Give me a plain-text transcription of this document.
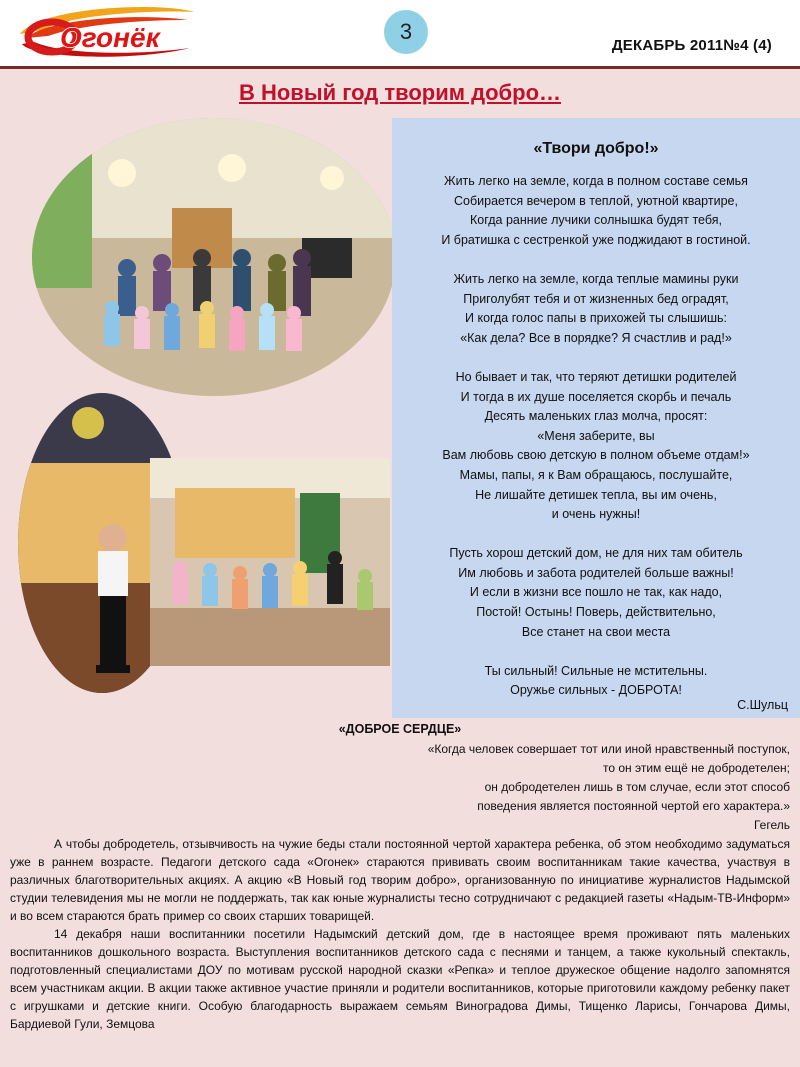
Огонёк	3
ДЕКАБРЬ 2011№4 (4)
В Новый год творим добро…
«Твори добро!»
Жить легко на земле, когда в полном составе семья
Собирается вечером в теплой, уютной квартире,
Когда ранние лучики солнышка будят тебя,
И братишка с сестренкой уже поджидают в гостиной.
Жить легко на земле, когда теплые мамины руки
Приголубят тебя и от жизненных бед оградят,
И когда голос папы в прихожей ты слышишь:
«Как дела? Все в порядке? Я счастлив и рад!»
Но бывает и так, что теряют детишки родителей
И тогда в их душе поселяется скорбь и печаль
Десять маленьких глаз молча, просят:
«Меня заберите, вы
Вам любовь свою детскую в полном объеме отдам!»
Мамы, папы, я к Вам обращаюсь, послушайте,
Не лишайте детишек тепла, вы им очень,
и очень нужны!
Пусть хорош детский дом, не для них там обитель
Им любовь и забота родителей больше важны!
И если в жизни все пошло не так, как надо,
Постой! Остынь! Поверь, действительно,
Все станет на свои места
Ты сильный! Сильные не мстительны.
Оружье сильных - ДОБРОТА!
С.Шульц
«ДОБРОЕ СЕРДЦЕ»
«Когда человек совершает тот или иной нравственный поступок,
то он этим ещё не добродетелен;
он добродетелен лишь в том случае, если этот способ
поведения является постоянной чертой его характера.»
Гегель

А чтобы добродетель, отзывчивость на чужие беды стали постоянной чертой характера ребенка, об этом необходимо задуматься уже в раннем возрасте. Педагоги детского сада «Огонек» стараются прививать своим воспитанникам такие качества, участвуя в различных благотворительных акциях. А акцию «В Новый год творим добро», организованную по инициативе журналистов Надымской студии телевидения мы не могли не поддержать, так как юные журналисты тесно сотрудничают с редакцией газеты «Надым-ТВ-Информ» и во всем стараются брать пример со своих старших товарищей.

14 декабря наши воспитанники посетили Надымский детский дом, где в настоящее время проживают пять маленьких воспитанников дошкольного возраста. Выступления воспитанников детского сада с песнями и танцем, а также кукольный спектакль, подготовленный специалистами ДОУ по мотивам русской народной сказки «Репка» и теплое дружеское общение надолго запомнятся всем участникам акции. В акции также активное участие приняли и родители воспитанников, которые приготовили каждому ребенку пакет с игрушками и детские книги. Особую благодарность выражаем семьям Виноградова Димы, Тищенко Ларисы, Гончарова Димы, Бардиевой Гули, Земцова
